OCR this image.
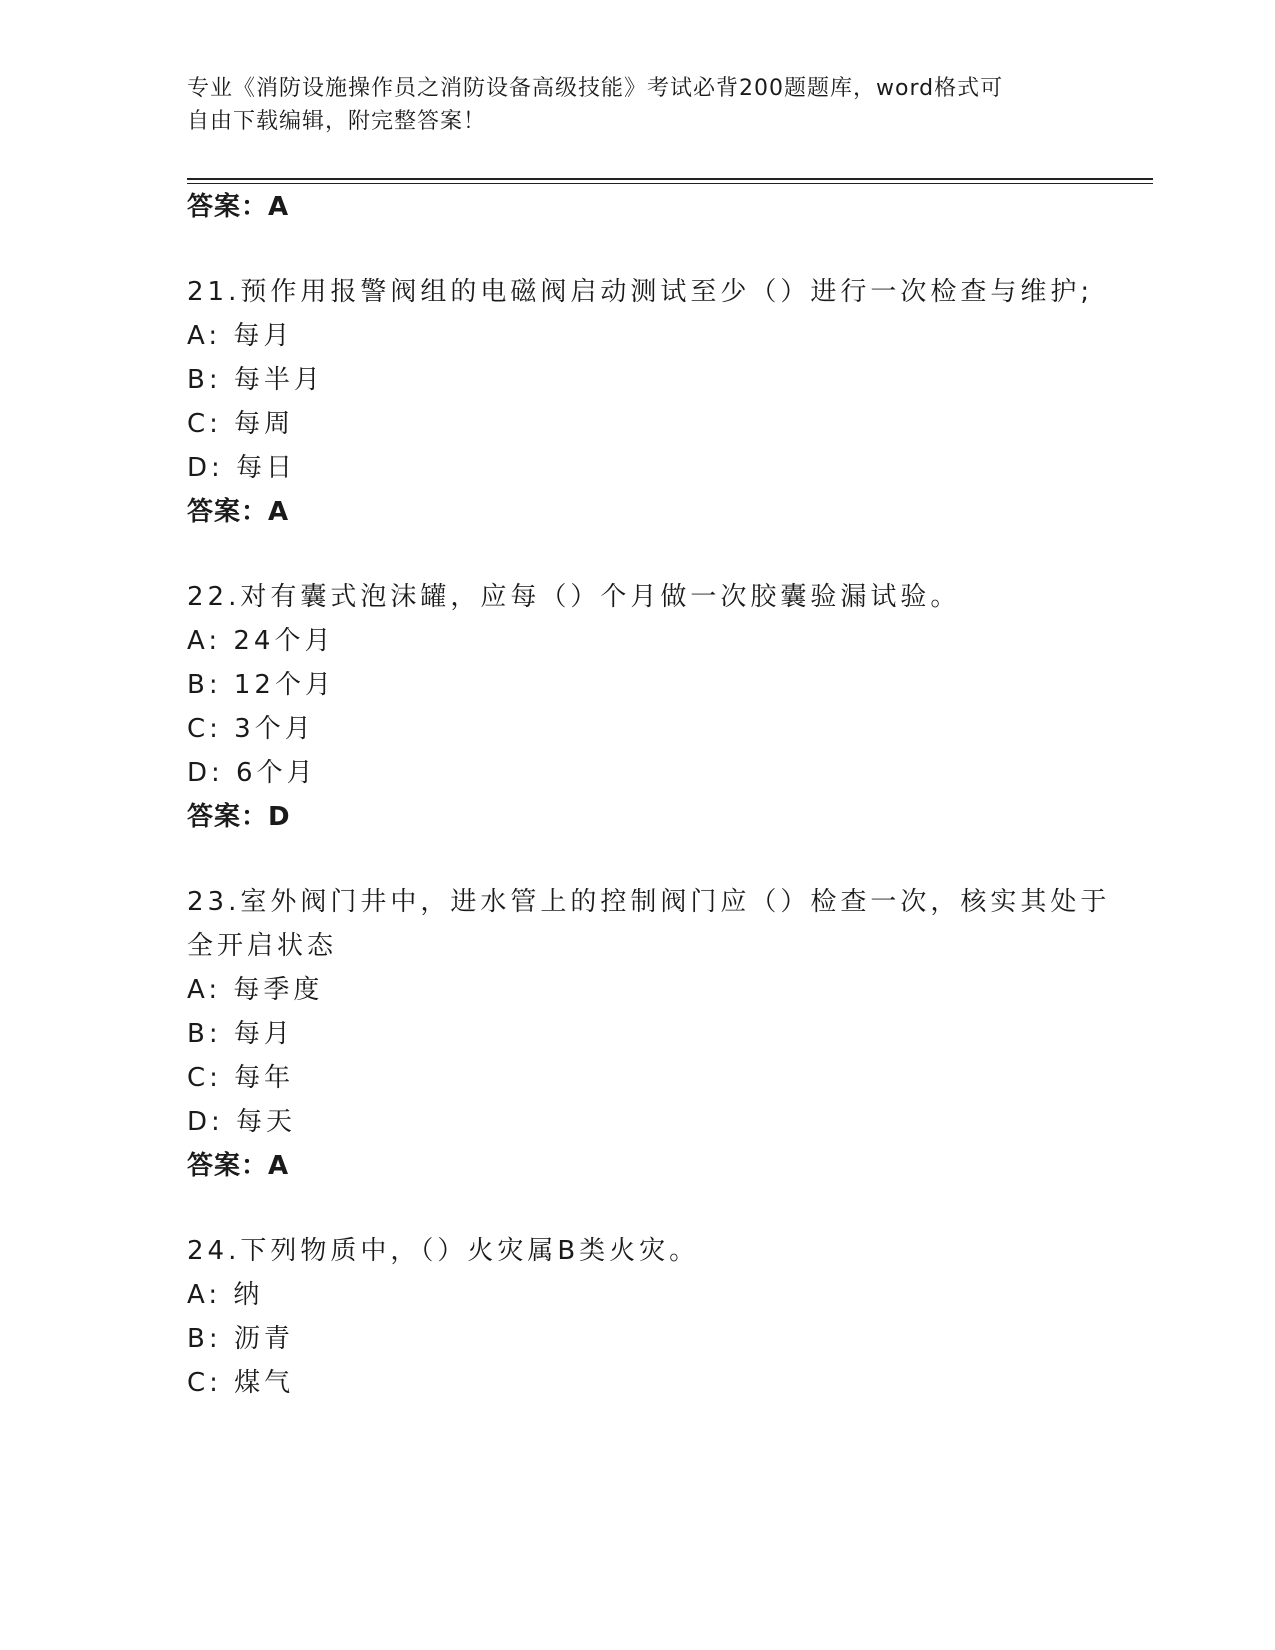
专业《消防设施操作员之消防设备高级技能》考试必背200题题库，word格式可
自由下载编辑，附完整答案！
答案：A
21.预作用报警阀组的电磁阀启动测试至少（）进行一次检查与维护;
A: 每月
B: 每半月
C: 每周
D: 每日
答案：A
22.对有囊式泡沫罐，应每（）个月做一次胶囊验漏试验。
A: 24个月
B: 12个月
C: 3个月
D: 6个月
答案：D
23.室外阀门井中，进水管上的控制阀门应（）检查一次，核实其处于
全开启状态
A: 每季度
B: 每月
C: 每年
D: 每天
答案：A
24.下列物质中，（）火灾属B类火灾。
A: 纳
B: 沥青
C: 煤气
